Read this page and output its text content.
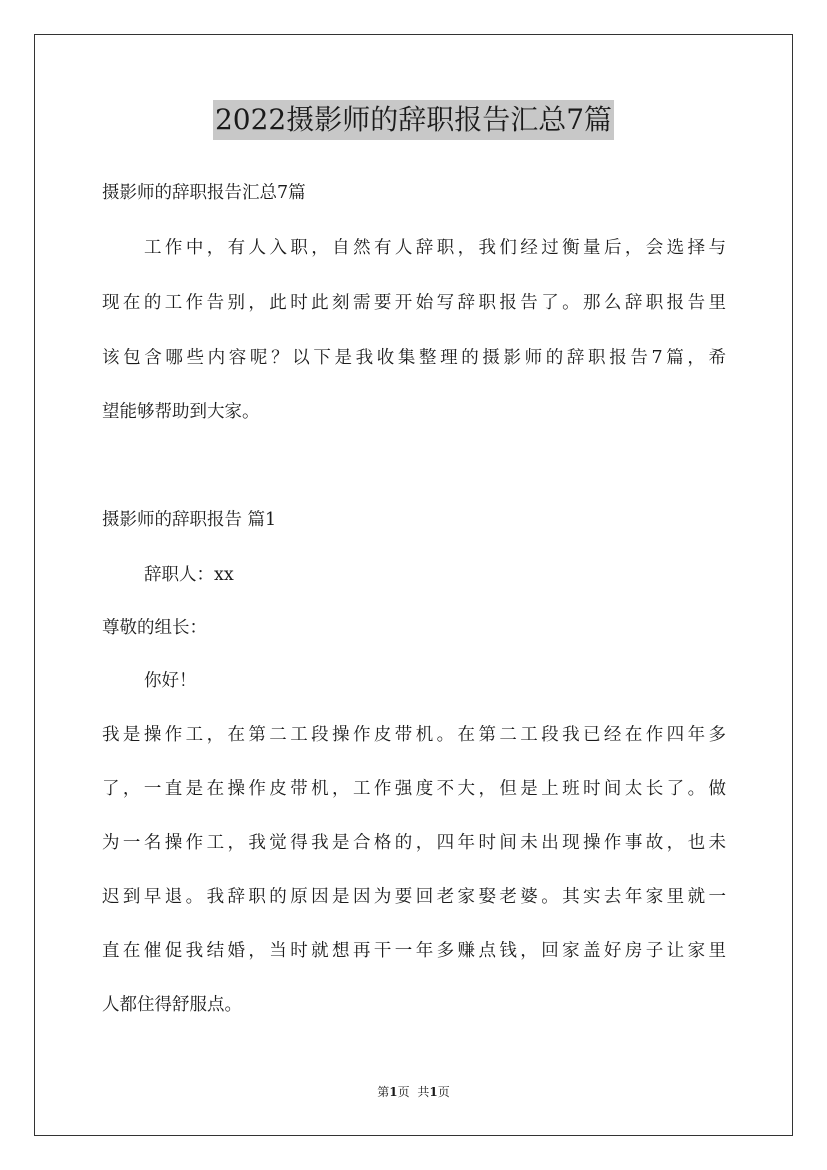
2022摄影师的辞职报告汇总7篇
摄影师的辞职报告汇总7篇
工作中，有人入职，自然有人辞职，我们经过衡量后，会选择与
现在的工作告别，此时此刻需要开始写辞职报告了。那么辞职报告里
该包含哪些内容呢？以下是我收集整理的摄影师的辞职报告7篇，希
望能够帮助到大家。
摄影师的辞职报告 篇1
辞职人：xx
尊敬的组长：
你好！
我是操作工，在第二工段操作皮带机。在第二工段我已经在作四年多
了，一直是在操作皮带机，工作强度不大，但是上班时间太长了。做
为一名操作工，我觉得我是合格的，四年时间未出现操作事故，也未
迟到早退。我辞职的原因是因为要回老家娶老婆。其实去年家里就一
直在催促我结婚，当时就想再干一年多赚点钱，回家盖好房子让家里
人都住得舒服点。
第1页 共1页
